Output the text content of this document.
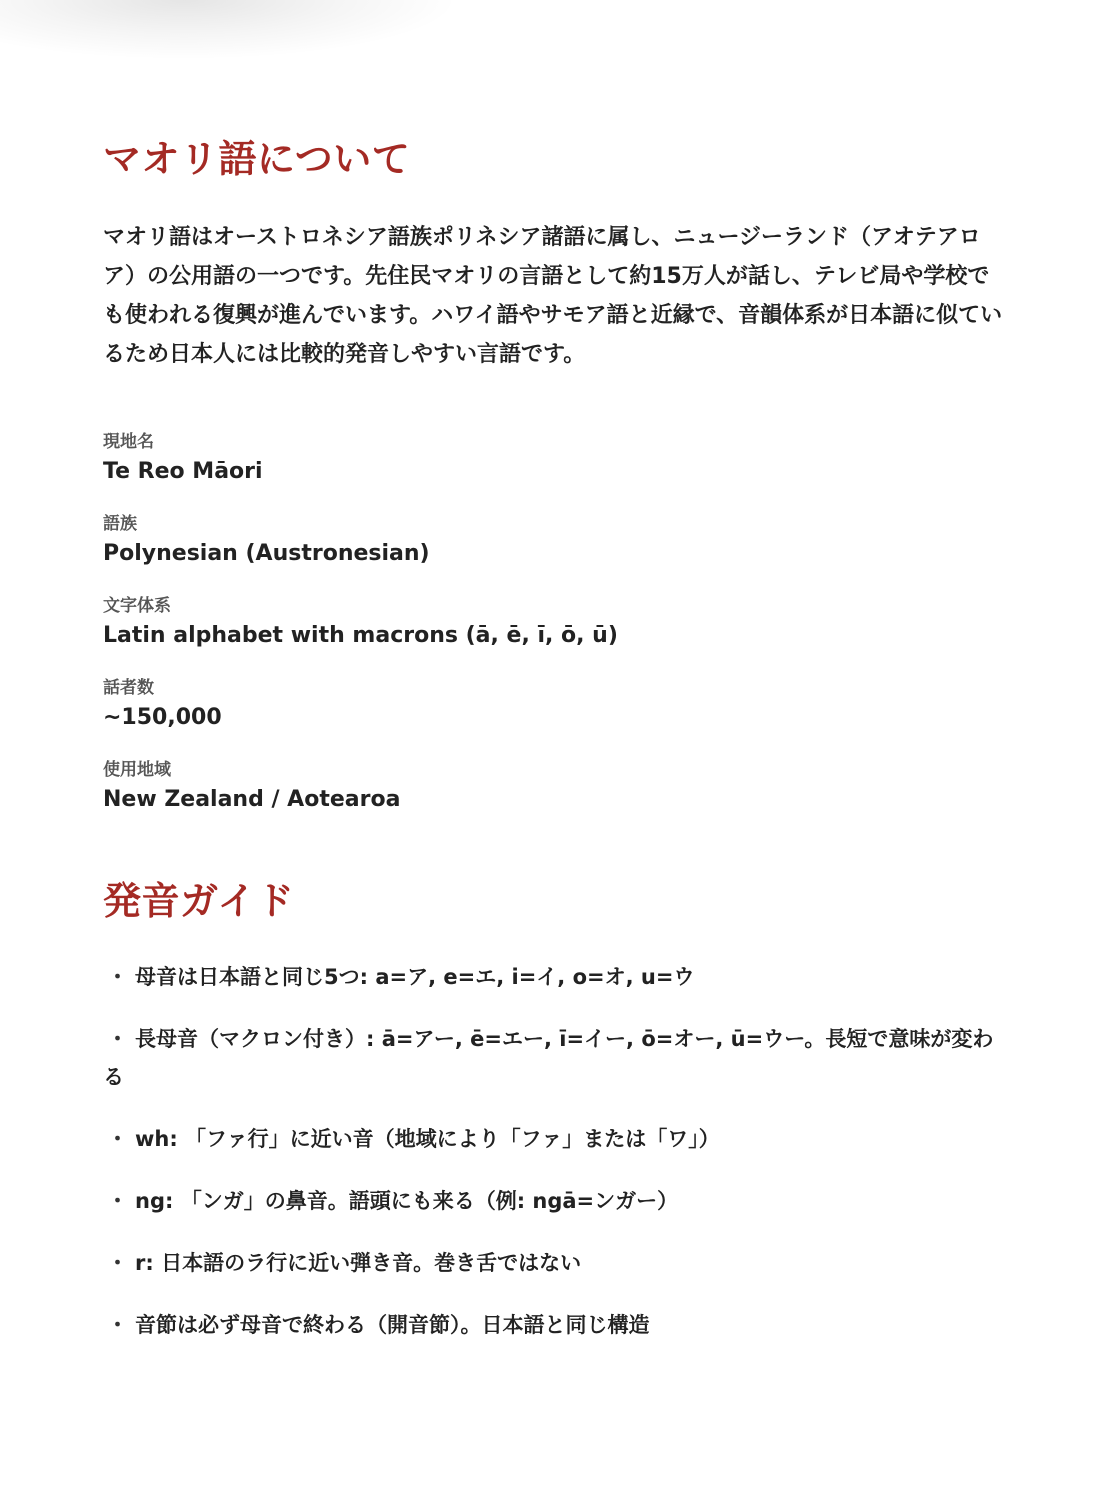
マオリ語について

マオリ語はオーストロネシア語族ポリネシア諸語に属し、ニュージーランド（アオテアロア）の公用語の一つです。先住民マオリの言語として約15万人が話し、テレビ局や学校でも使われる復興が進んでいます。ハワイ語やサモア語と近縁で、音韻体系が日本語に似ているため日本人には比較的発音しやすい言語です。

現地名
Te Reo Māori
語族
Polynesian (Austronesian)
文字体系
Latin alphabet with macrons (ā, ē, ī, ō, ū)
話者数
~150,000
使用地域
New Zealand / Aotearoa
発音ガイド
・ 母音は日本語と同じ5つ: a=ア, e=エ, i=イ, o=オ, u=ウ
・ 長母音（マクロン付き）: ā=アー, ē=エー, ī=イー, ō=オー, ū=ウー。長短で意味が変わる
・ wh: 「ファ行」に近い音（地域により「ファ」または「ワ」）
・ ng: 「ンガ」の鼻音。語頭にも来る（例: ngā=ンガー）
・ r: 日本語のラ行に近い弾き音。巻き舌ではない
・ 音節は必ず母音で終わる（開音節）。日本語と同じ構造
